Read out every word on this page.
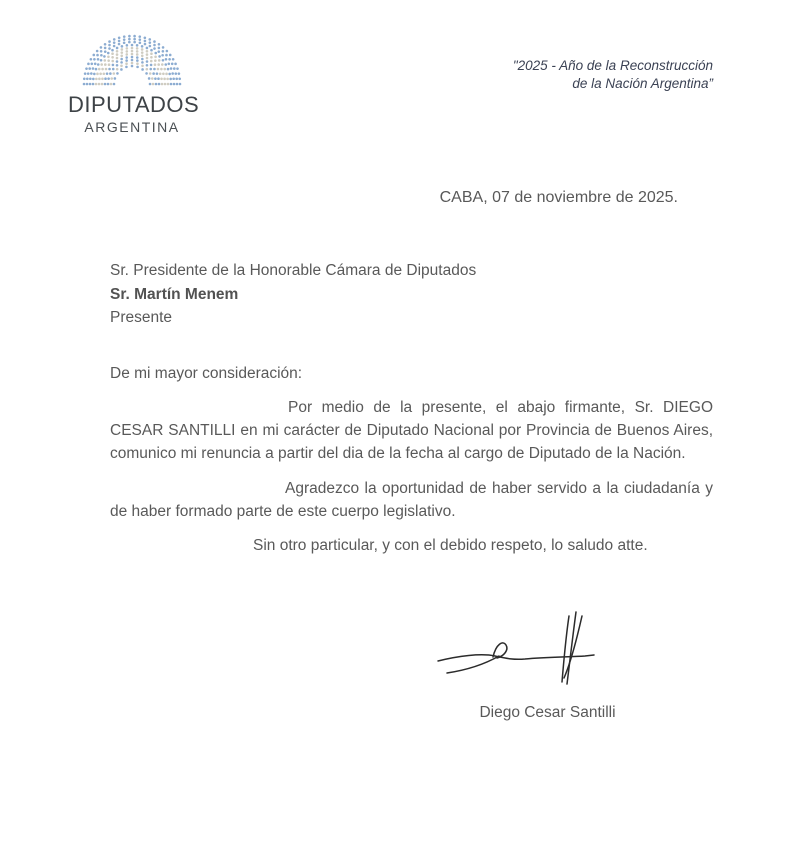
DIPUTADOS
ARGENTINA
"2025 - Año de la Reconstrucción
de la Nación Argentina”
CABA, 07 de noviembre de 2025.
Sr. Presidente de la Honorable Cámara de Diputados
Sr. Martín Menem
Presente
De mi mayor consideración:

Por medio de la presente, el abajo firmante, Sr. DIEGO CESAR SANTILLI en mi carácter de Diputado Nacional por Provincia de Buenos Aires, comunico mi renuncia a partir del dia de la fecha al cargo de Diputado de la Nación.

Agradezco la oportunidad de haber servido a la ciudadanía y de haber formado parte de este cuerpo legislativo.

Sin otro particular, y con el debido respeto, lo saludo atte.

Diego Cesar Santilli
